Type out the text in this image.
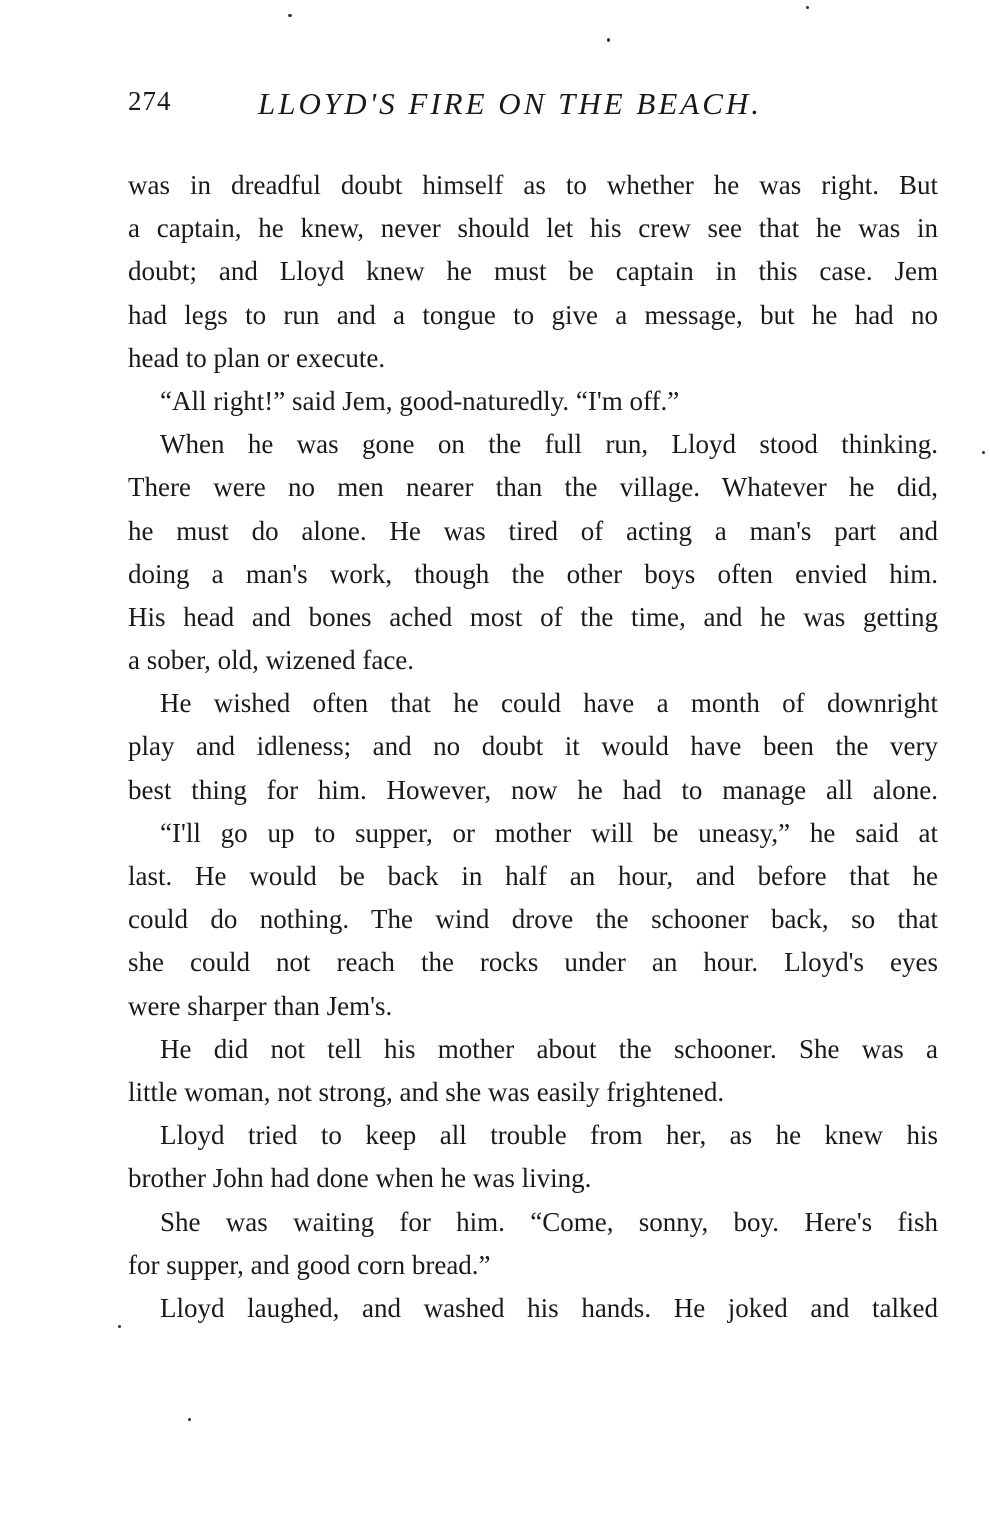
274	LLOYD'S FIRE ON THE BEACH.
was in dreadful doubt himself as to whether he was right. But
a captain, he knew, never should let his crew see that he was in
doubt; and Lloyd knew he must be captain in this case. Jem
had legs to run and a tongue to give a message, but he had no
head to plan or execute.
“All right!” said Jem, good-naturedly. “I'm off.”
When he was gone on the full run, Lloyd stood thinking.
There were no men nearer than the village. Whatever he did,
he must do alone. He was tired of acting a man's part and
doing a man's work, though the other boys often envied him.
His head and bones ached most of the time, and he was getting
a sober, old, wizened face.
He wished often that he could have a month of downright
play and idleness; and no doubt it would have been the very
best thing for him. However, now he had to manage all alone.
“I'll go up to supper, or mother will be uneasy,” he said at
last. He would be back in half an hour, and before that he
could do nothing. The wind drove the schooner back, so that
she could not reach the rocks under an hour. Lloyd's eyes
were sharper than Jem's.
He did not tell his mother about the schooner. She was a
little woman, not strong, and she was easily frightened.
Lloyd tried to keep all trouble from her, as he knew his
brother John had done when he was living.
She was waiting for him. “Come, sonny, boy. Here's fish
for supper, and good corn bread.”
Lloyd laughed, and washed his hands. He joked and talked
